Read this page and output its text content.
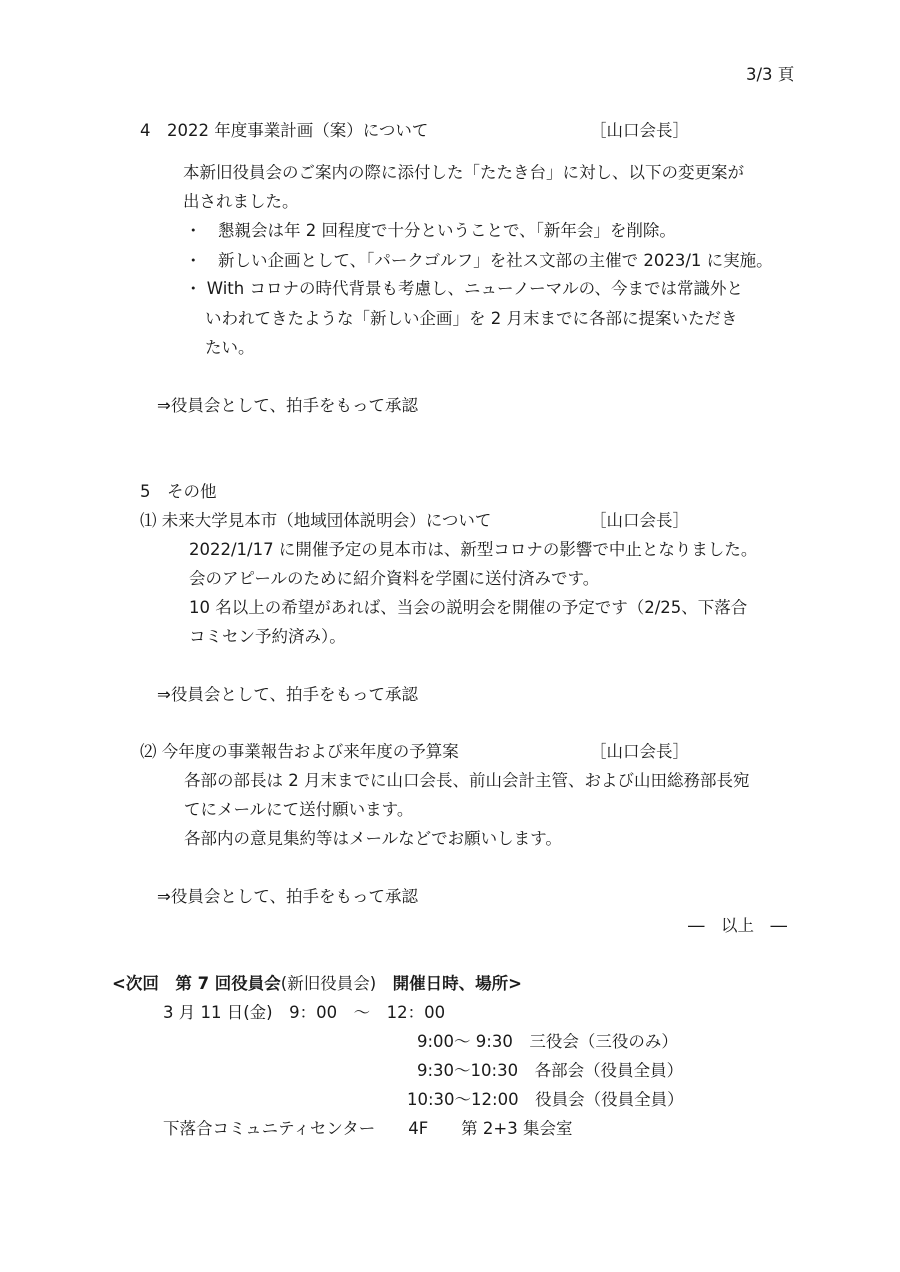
3/3 頁
4　2022 年度事業計画（案）について	［山口会長］
本新旧役員会のご案内の際に添付した「たたき台」に対し、以下の変更案が
出されました。
・　懇親会は年 2 回程度で十分ということで、「新年会」を削除。
・　新しい企画として、「パークゴルフ」を社ス文部の主催で 2023/1 に実施。
・ With コロナの時代背景も考慮し、ニューノーマルの、今までは常識外と
いわれてきたような「新しい企画」を 2 月末までに各部に提案いただき
たい。
⇒役員会として、拍手をもって承認
5　その他
⑴ 未来大学見本市（地域団体説明会）について	［山口会長］
2022/1/17 に開催予定の見本市は、新型コロナの影響で中止となりました。
会のアピールのために紹介資料を学園に送付済みです。
10 名以上の希望があれば、当会の説明会を開催の予定です（2/25、下落合
コミセン予約済み）。
⇒役員会として、拍手をもって承認
⑵ 今年度の事業報告および来年度の予算案	［山口会長］
各部の部長は 2 月末までに山口会長、前山会計主管、および山田総務部長宛
てにメールにて送付願います。
各部内の意見集約等はメールなどでお願いします。
⇒役員会として、拍手をもって承認
―　以上　―
<次回　第 7 回役員会(新旧役員会)　開催日時、場所>
3 月 11 日(金)　9：00　～　12：00
9:00～ 9:30　三役会（三役のみ）
9:30～10:30　各部会（役員全員）
10:30～12:00　役員会（役員全員）
下落合コミュニティセンター　　4F　　第 2+3 集会室
